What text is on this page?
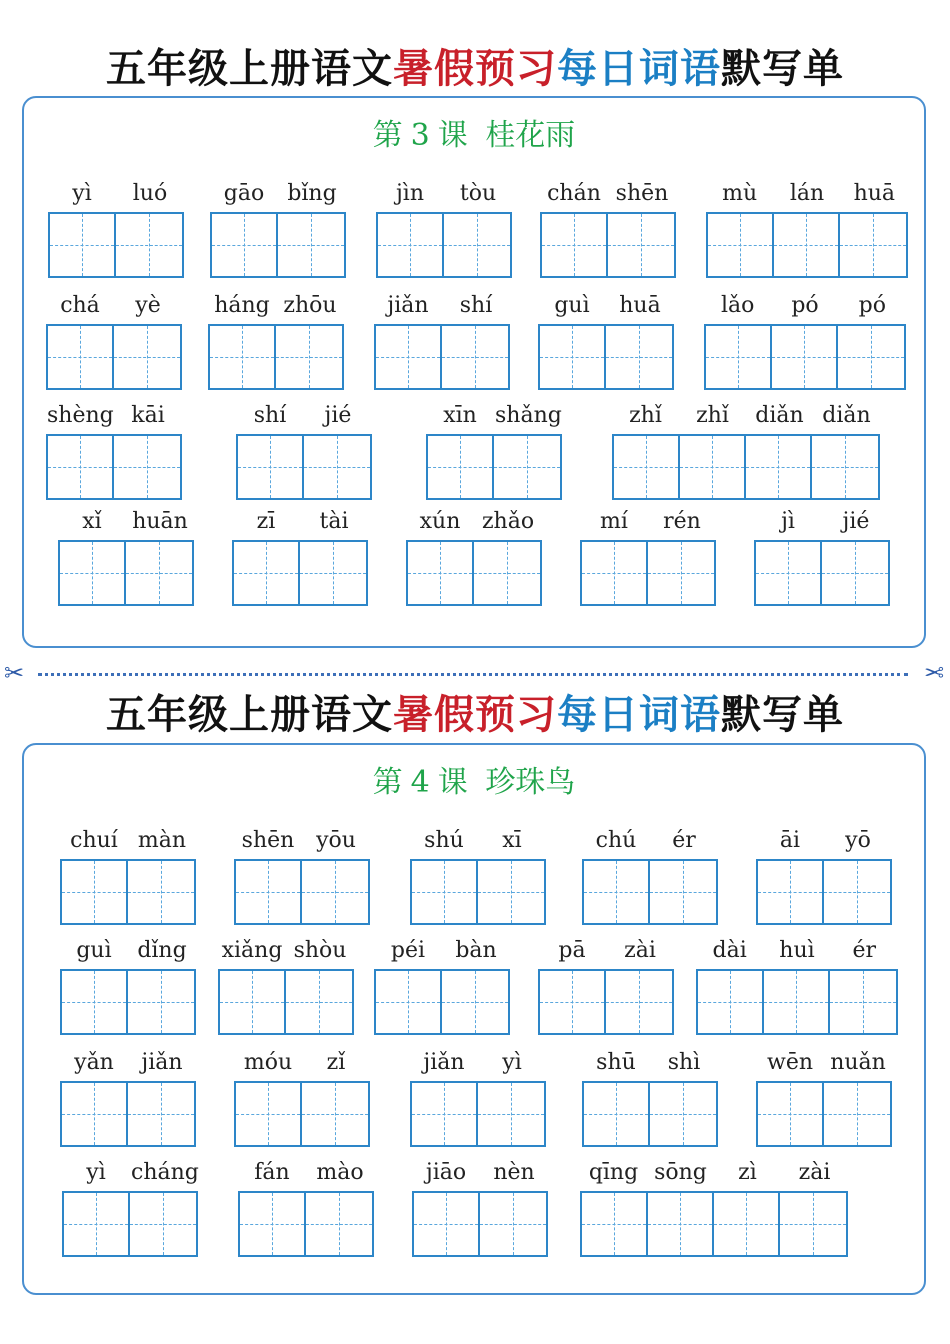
五年级上册语文暑假预习每日词语默写单
第 3 课 桂花雨
yì	luó	gāo	bǐng	jìn	tòu	chán shēn	mù	lán	huā
chá	yè	háng zhōu	jiǎn	shí	guì	huā	lǎo	pó	pó
shèng kāi	shí	jié	xīn shǎng	zhǐ	zhǐ	diǎn diǎn
xǐ	huān	zī	tài	xún zhǎo	mí	rén	jì	jié
✂	✂
五年级上册语文暑假预习每日词语默写单
第 4 课 珍珠鸟
chuí màn	shēn yōu	shú	xī	chú	ér	āi	yō
guì	dǐng	xiǎng shòu	péi	bàn	pā	zài	dài	huì	ér
yǎn	jiǎn	móu	zǐ	jiǎn	yì	shū	shì	wēn nuǎn
yì	cháng	fán	mào	jiāo	nèn	qīng sōng	zì	zài
